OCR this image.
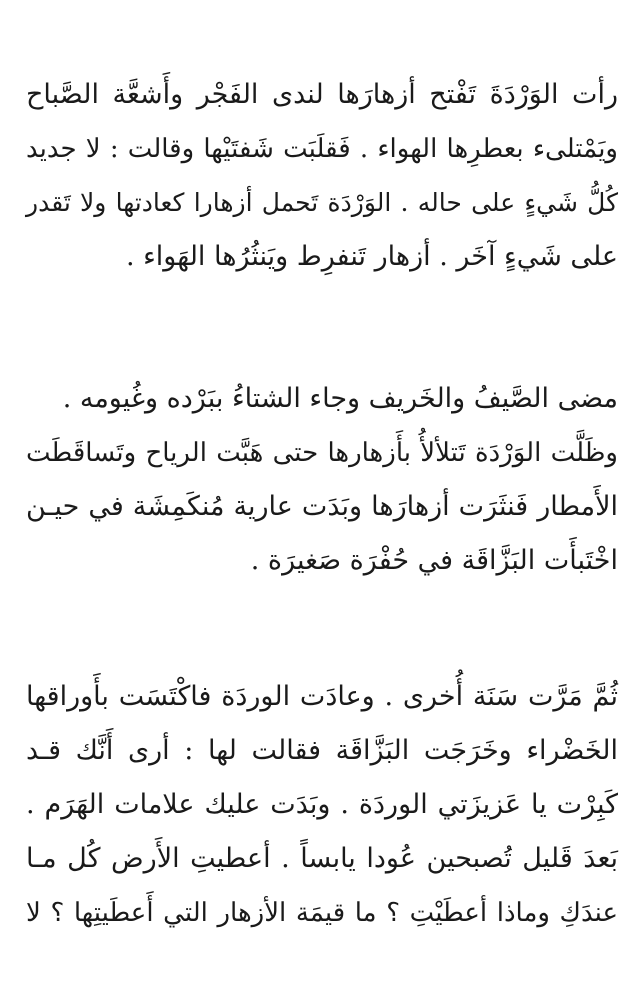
رأت الوَرْدَةَ تَفْتح أزهارَها لندى الفَجْر وأَشعَّة الصَّباح
ويَمْتلىء بعطرِها الهواء . فَقلَبَت شَفتَيْها وقالت : لا جديد
كُلُّ شَيءٍ على حاله . الوَرْدَة تَحمل أزهارا كعادتها ولا تَقدر
على شَيءٍ آخَر . أزهار تَنفرِط ويَنثُرُها الهَواء .
مضى الصَّيفُ والخَريف وجاء الشتاءُ ببَرْده وغُيومه .
وظَلَّت الوَرْدَة تَتلألأُ بأَزهارها حتى هَبَّت الرياح وتَساقَطَت
الأَمطار فَنثَرَت أزهارَها وبَدَت عارية مُنكَمِشَة في حيـن
اخْتَبأَت البَزَّاقَة في حُفْرَة صَغيرَة .
ثُمَّ مَرَّت سَنَة أُخرى . وعادَت الوردَة فاكْتَسَت بأَوراقها
الخَضْراء وخَرَجَت البَزَّاقَة فقالت لها : أرى أَنَّك قـد
كَبِرْت يا عَزيزَتي الوردَة . وبَدَت عليك علامات الهَرَم .
بَعدَ قَليل تُصبحين عُودا يابساً . أعطيتِ الأَرض كُل مـا
عندَكِ وماذا أعطَيْتِ ؟ ما قيمَة الأزهار التي أَعطَيتِها ؟ لا
